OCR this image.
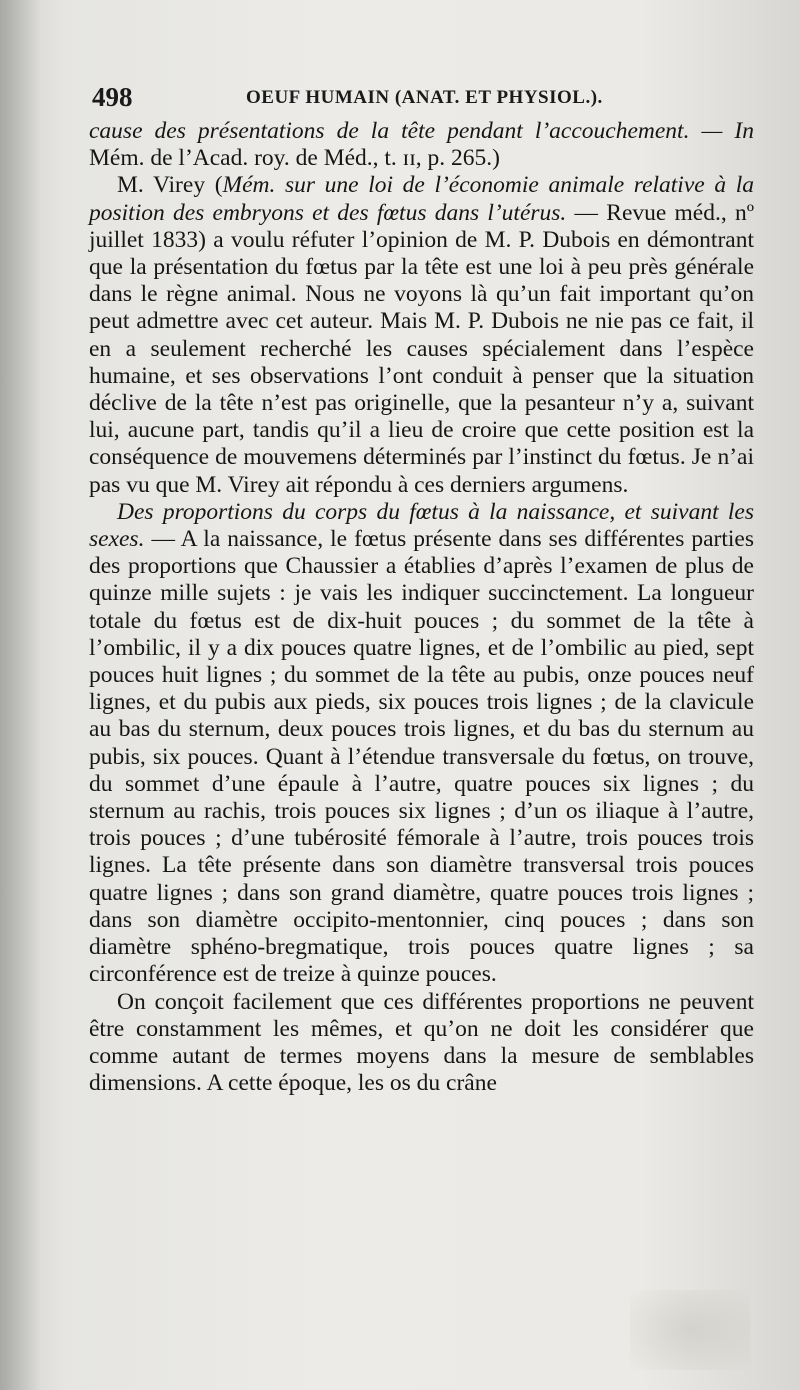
498	OEUF HUMAIN (ANAT. ET PHYSIOL.).

cause des présentations de la tête pendant l’accouchement. — In Mém. de l’Acad. roy. de Méd., t. ɪɪ, p. 265.)

M. Virey (Mém. sur une loi de l’économie animale relative à la position des embryons et des fœtus dans l’utérus. — Revue méd., nº juillet 1833) a voulu réfuter l’opinion de M. P. Dubois en démontrant que la présentation du fœtus par la tête est une loi à peu près générale dans le règne animal. Nous ne voyons là qu’un fait important qu’on peut admettre avec cet auteur. Mais M. P. Dubois ne nie pas ce fait, il en a seulement recherché les causes spécialement dans l’espèce humaine, et ses observations l’ont conduit à penser que la situation déclive de la tête n’est pas originelle, que la pesanteur n’y a, suivant lui, aucune part, tandis qu’il a lieu de croire que cette position est la conséquence de mouvemens déterminés par l’instinct du fœtus. Je n’ai pas vu que M. Virey ait répondu à ces derniers argumens.

Des proportions du corps du fœtus à la naissance, et suivant les sexes. — A la naissance, le fœtus présente dans ses différentes parties des proportions que Chaussier a établies d’après l’examen de plus de quinze mille sujets : je vais les indiquer succinctement. La longueur totale du fœtus est de dix-huit pouces ; du sommet de la tête à l’ombilic, il y a dix pouces quatre lignes, et de l’ombilic au pied, sept pouces huit lignes ; du sommet de la tête au pubis, onze pouces neuf lignes, et du pubis aux pieds, six pouces trois lignes ; de la clavicule au bas du sternum, deux pouces trois lignes, et du bas du sternum au pubis, six pouces. Quant à l’étendue transversale du fœtus, on trouve, du sommet d’une épaule à l’autre, quatre pouces six lignes ; du sternum au rachis, trois pouces six lignes ; d’un os iliaque à l’autre, trois pouces ; d’une tubérosité fémorale à l’autre, trois pouces trois lignes. La tête présente dans son diamètre transversal trois pouces quatre lignes ; dans son grand diamètre, quatre pouces trois lignes ; dans son diamètre occipito-mentonnier, cinq pouces ; dans son diamètre sphéno-bregmatique, trois pouces quatre lignes ; sa circonférence est de treize à quinze pouces.

On conçoit facilement que ces différentes proportions ne peuvent être constamment les mêmes, et qu’on ne doit les considérer que comme autant de termes moyens dans la mesure de semblables dimensions. A cette époque, les os du crâne
